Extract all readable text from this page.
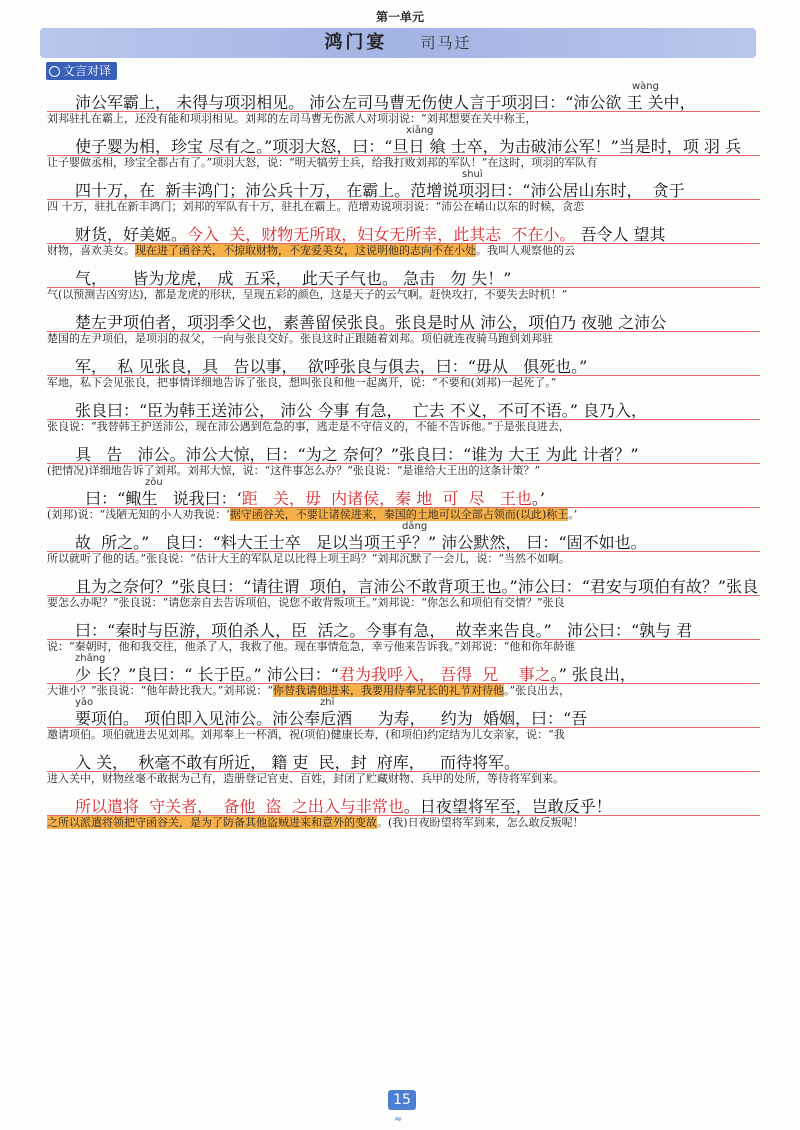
第一单元
鸿门宴 司马迁
文言对译
wàng
沛公军霸上， 未得与项羽相见。 沛公左司马曹无伤使人言于项羽曰：“沛公欲 王 关中，
刘邦驻扎在霸上，还没有能和项羽相见。刘邦的左司马曹无伤派人对项羽说：“刘邦想要在关中称王，
xiǎng
使子婴为相，珍宝 尽有之。”项羽大怒，曰：“旦日 飨 士卒，为击破沛公军！”当是时，项 羽 兵
让子婴做丞相，珍宝全都占有了。”项羽大怒，说：“明天犒劳士兵，给我打败刘邦的军队！”在这时，项羽的军队有
shuì
四十万，在  新丰鸿门；沛公兵十万， 在霸上。范增说项羽曰：“沛公居山东时，  贪于
四 十万，驻扎在新丰鸿门；刘邦的军队有十万，驻扎在霸上。范增劝说项羽说：“沛公在崤山以东的时候，贪恋
财货，好美姬。今入  关，财物无所取，妇女无所幸，此其志  不在小。 吾令人 望其
财物，喜欢美女。现在进了函谷关，不掠取财物，不宠爱美女，这说明他的志向不在小处。我叫人观察他的云
气，     皆为龙虎， 成  五采，  此天子气也。 急击   勿 失！”
气(以预测吉凶穷达)，都是龙虎的形状，呈现五彩的颜色，这是天子的云气啊。赶快攻打，不要失去时机！”
楚左尹项伯者，项羽季父也，素善留侯张良。张良是时从 沛公，项伯乃 夜驰 之沛公
楚国的左尹项伯，是项羽的叔父，一向与张良交好。张良这时正跟随着刘邦。项伯就连夜骑马跑到刘邦驻
军，  私 见张良，具   告以事，  欲呼张良与俱去，曰：“毋从   俱死也。”
军地，私下会见张良，把事情详细地告诉了张良，想叫张良和他一起离开，说：“不要和(刘邦)一起死了。”
张良曰：“臣为韩王送沛公， 沛公 今事 有急，  亡去 不义，不可不语。” 良乃入，
张良说：“我替韩王护送沛公，现在沛公遇到危急的事，逃走是不守信义的，不能不告诉他。”于是张良进去，
具   告   沛公。沛公大惊，曰：“为之 奈何？”张良曰：“谁为 大王 为此 计者？”
(把情况)详细地告诉了刘邦。刘邦大惊，说：“这件事怎么办？”张良说：“是谁给大王出的这条计策？”
zōu
曰：“鲰生   说我曰：‘距   关，毋  内诸侯，秦 地  可  尽   王也。’
(刘邦)说：“浅陋无知的小人劝我说：‘据守函谷关，不要让诸侯进来，秦国的土地可以全部占领而(以此)称王。’
dāng
故  所之。”   良曰：“料大王士卒   足以当项王乎？” 沛公默然， 曰：“固不如也。
所以就听了他的话。”张良说：“估计大王的军队足以比得上项王吗？”刘邦沉默了一会儿，说：“当然不如啊。
且为之奈何？”张良曰：“请往谓  项伯，言沛公不敢背项王也。”沛公曰：“君安与项伯有故？”张良
要怎么办呢？”张良说：“请您亲自去告诉项伯，说您不敢背叛项王。”刘邦说：“你怎么和项伯有交情？”张良
曰：“秦时与臣游，项伯杀人，臣  活之。今事有急，  故幸来告良。”   沛公曰：“孰与 君
说：“秦朝时，他和我交往，他杀了人，我救了他。现在事情危急，幸亏他来告诉我。”刘邦说：“他和你年龄谁
zhǎng
少 长？”良曰：“ 长于臣。” 沛公曰：“君为我呼入， 吾得  兄    事之。” 张良出，
大谁小？”张良说：“他年龄比我大。”刘邦说：“你替我请他进来，我要用侍奉兄长的礼节对待他。”张良出去，
yāo	zhī
要项伯。 项伯即入见沛公。沛公奉卮酒     为寿，   约为  婚姻，曰：“吾
邀请项伯。项伯就进去见刘邦。刘邦奉上一杯酒，祝(项伯)健康长寿，(和项伯)约定结为儿女亲家，说：“我
入 关，  秋毫不敢有所近， 籍 吏  民，封  府库，   而待将军。
进入关中，财物丝毫不敢据为己有，造册登记官吏、百姓，封闭了贮藏财物、兵甲的处所，等待将军到来。
所以遣将  守关者，  备他  盗  之出入与非常也。日夜望将军至，岂敢反乎！
之所以派遣将领把守函谷关，是为了防备其他盗贼进来和意外的变故。(我)日夜盼望将军到来，怎么敢反叛呢！
15
≈
